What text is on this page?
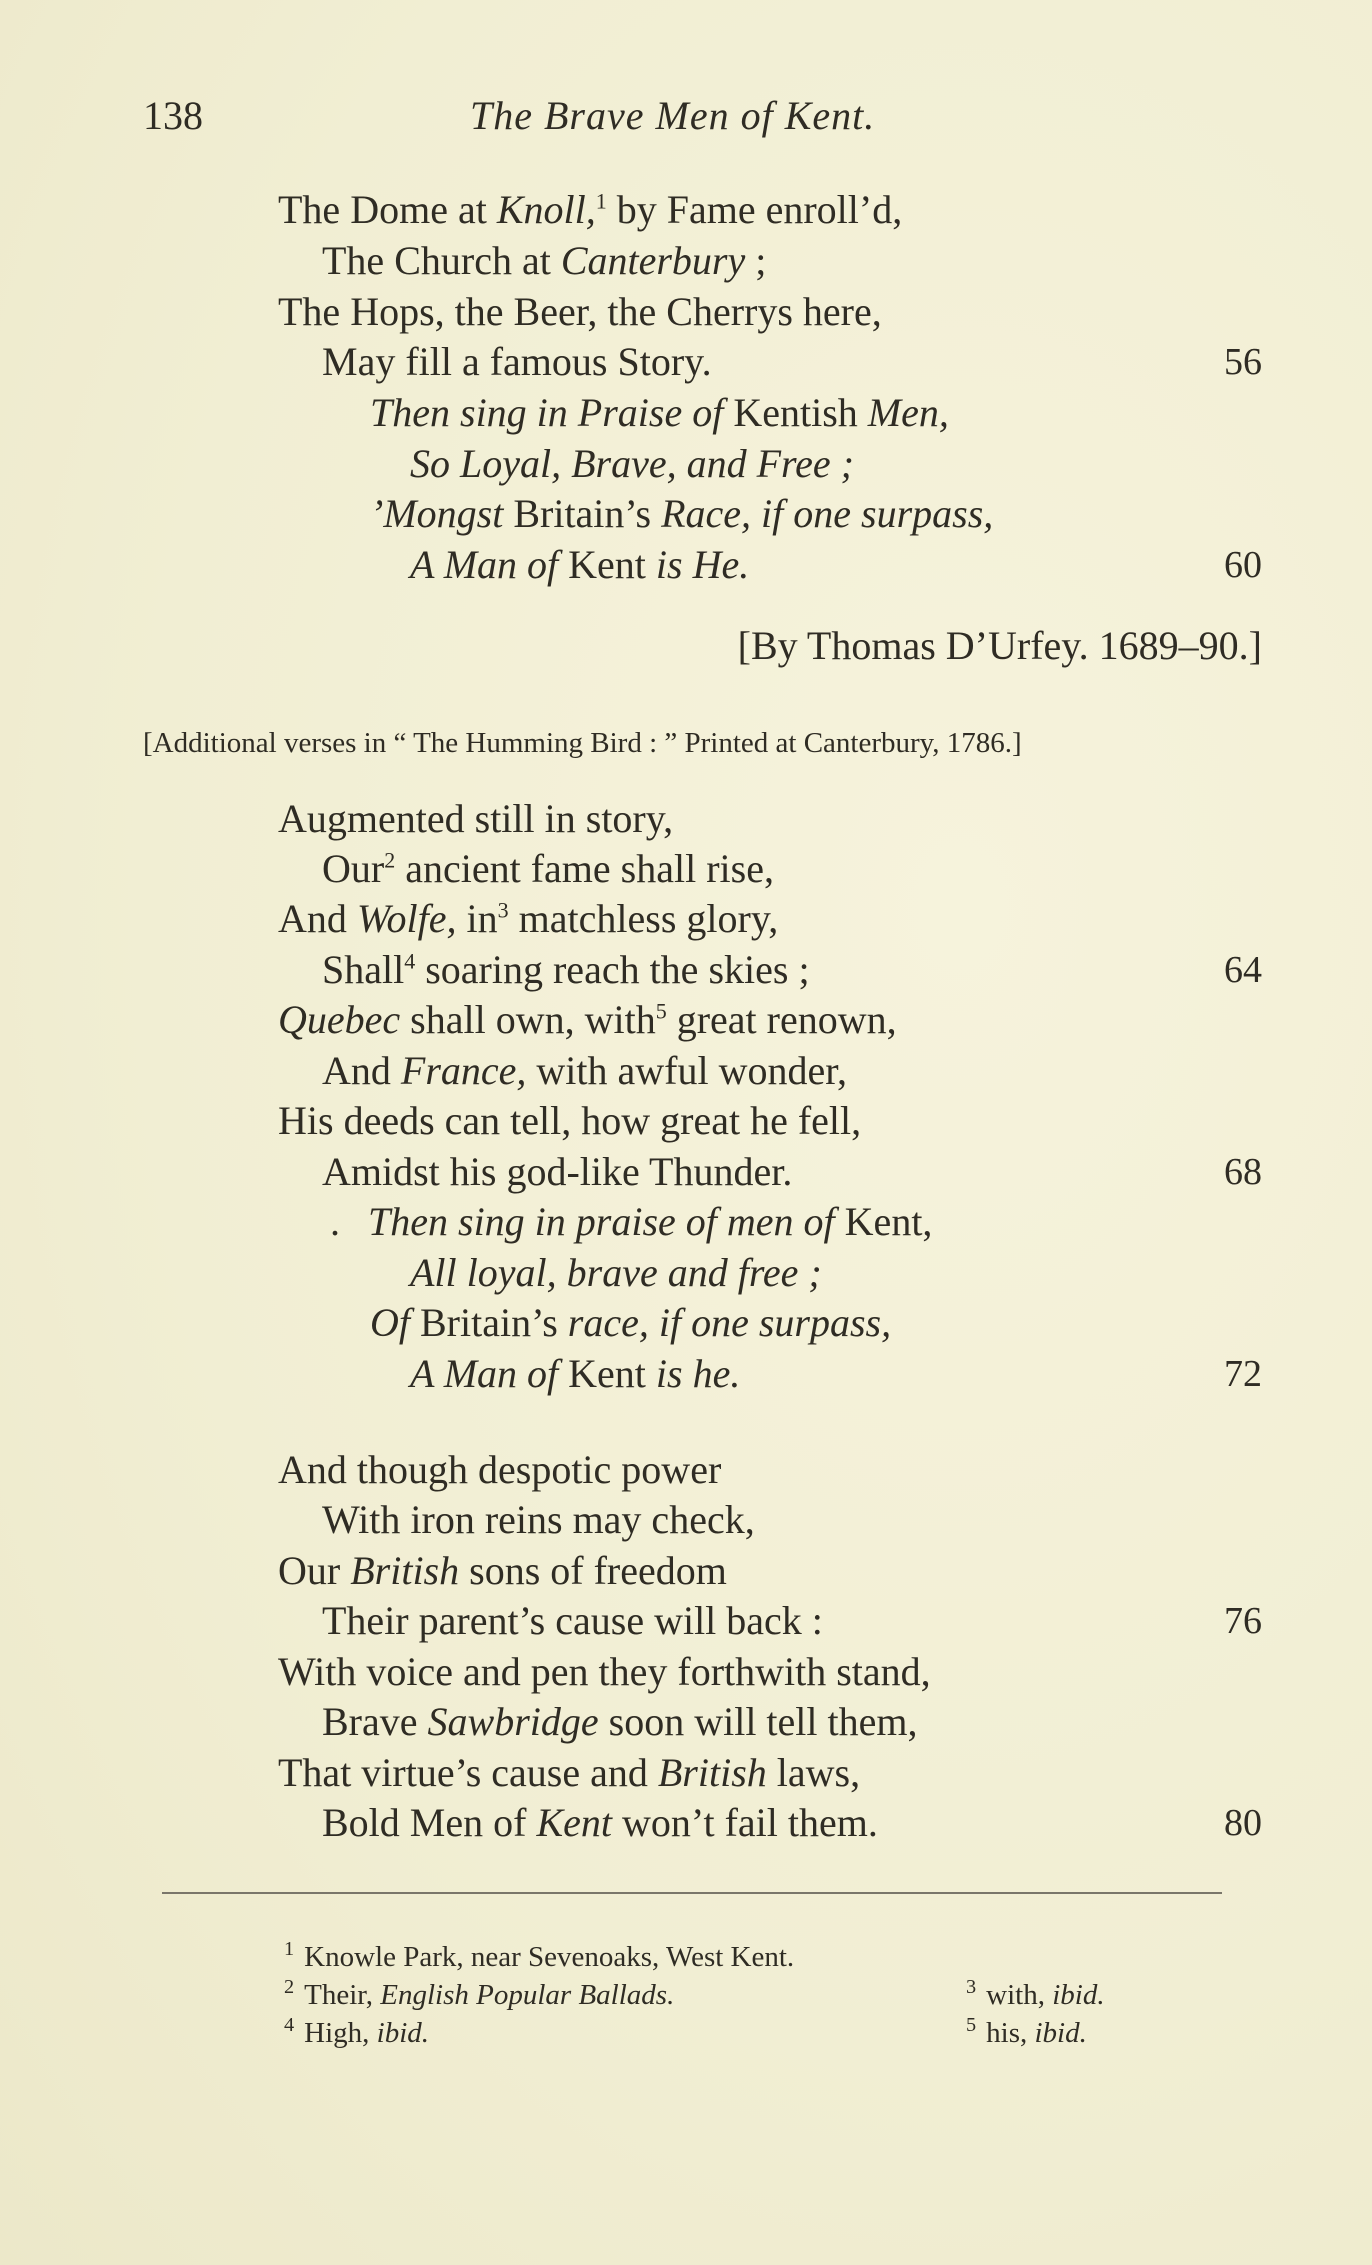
138	The Brave Men of Kent.
The Dome at Knoll,$^1$ by Fame enroll’d,
The Church at Canterbury ;
The Hops, the Beer, the Cherrys here,
May fill a famous Story.	56
Then sing in Praise of Kentish Men,
So Loyal, Brave, and Free ;
’Mongst Britain’s Race, if one surpass,
A Man of Kent is He.	60
[By Thomas D’Urfey. 1689–90.]
[Additional verses in “ The Humming Bird : ” Printed at Canterbury, 1786.]
Augmented still in story,
Our$^2$ ancient fame shall rise,
And Wolfe, $in^3$ matchless glory,
Shall$^4$ soaring reach the skies ;	64
Quebec shall own, with$^5$ great renown,
And France, with awful wonder,
His deeds can tell, how great he fell,
Amidst his god-like Thunder.	68
. Then sing in praise of men of Kent,
All loyal, brave and free ;
Of Britain’s race, if one surpass,
A Man of Kent is he.	72
And though despotic power
With iron reins may check,
Our British sons of freedom
Their parent’s cause will back :	76
With voice and pen they forthwith stand,
Brave Sawbridge soon will tell them,
That virtue’s cause and British laws,
Bold Men of Kent won’t fail them.	80
$^1$ Knowle Park, near Sevenoaks, West Kent.
$^2$ Their, English Popular Ballads.	$^3$ with, ibid.
$^4$ High, ibid.	$^5$ his, ibid.
